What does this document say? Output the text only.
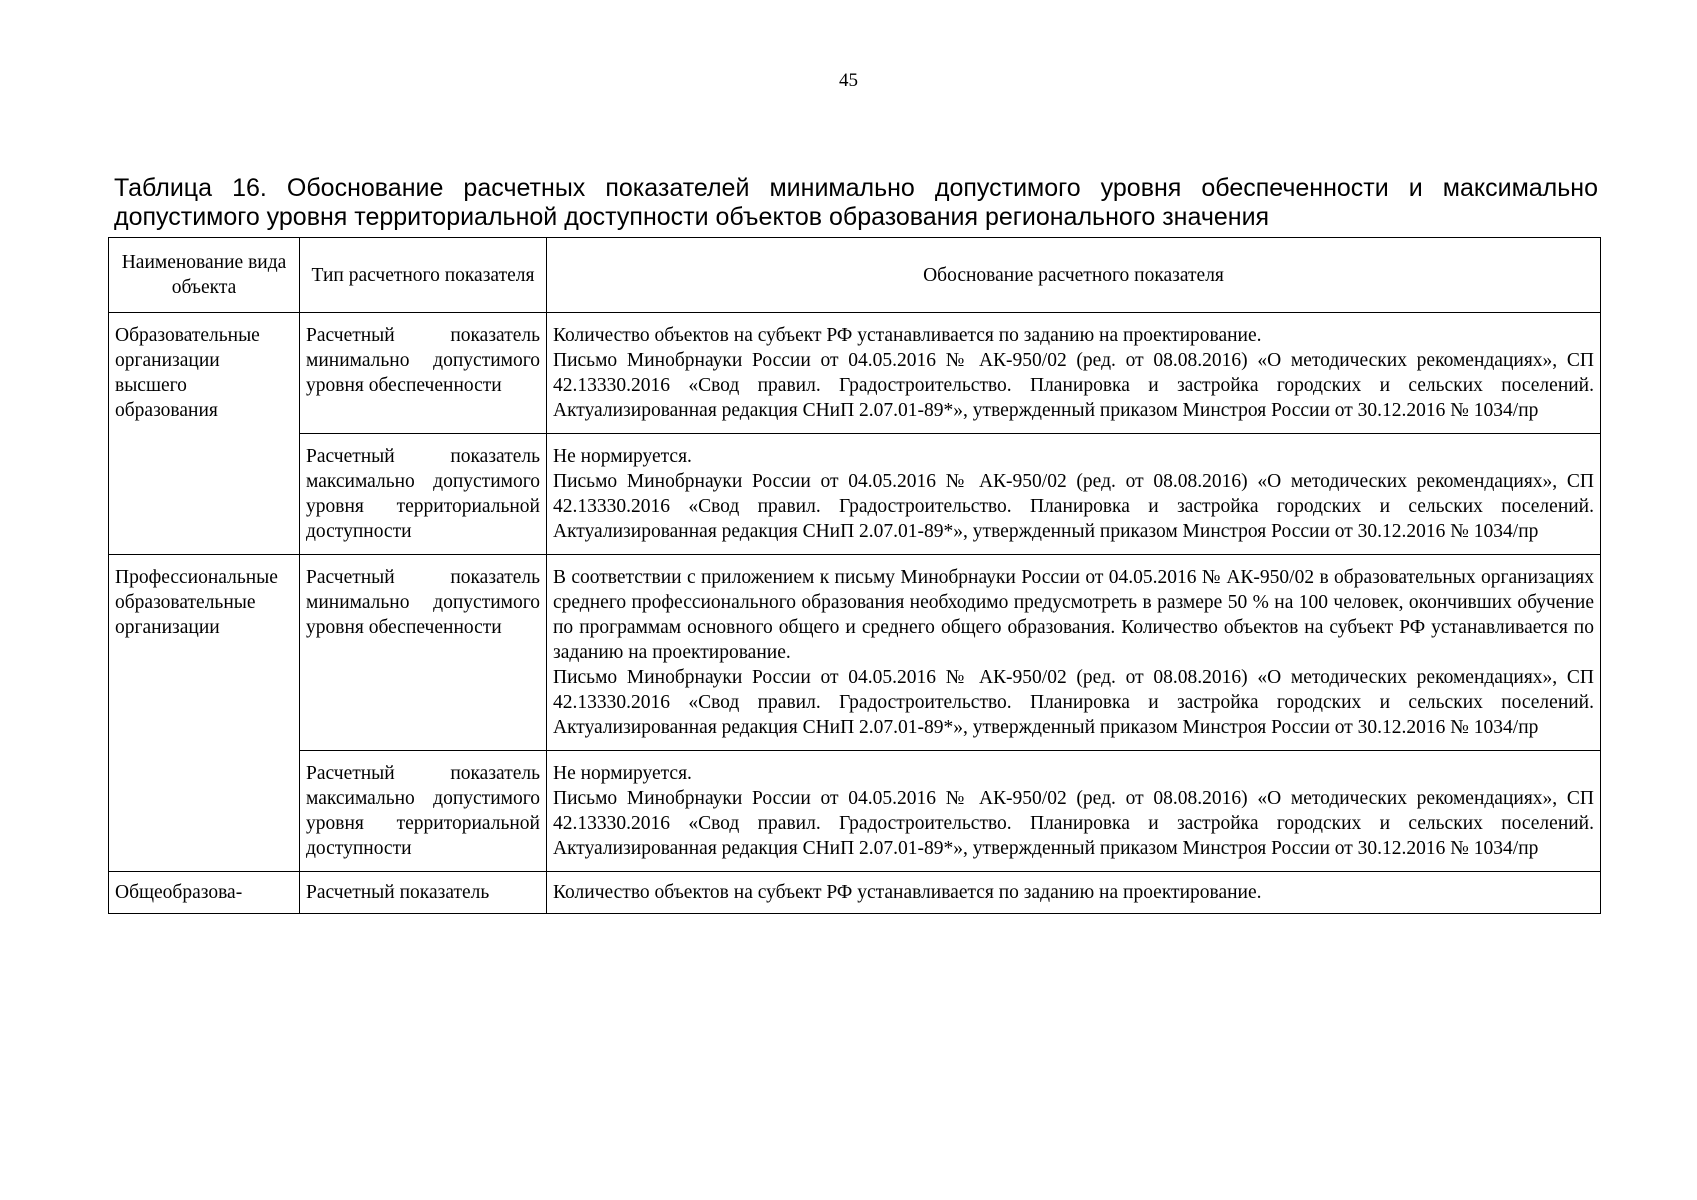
45
Таблица 16. Обоснование расчетных показателей минимально допустимого уровня обеспеченности и максимально допустимого уровня территориальной доступности объектов образования регионального значения
Наименование вида объекта	Тип расчетного показателя	Обоснование расчетного показателя
Образовательные организации высшего образования	Расчетный показатель минимально допустимого уровня обеспеченности	Количество объектов на субъект РФ устанавливается по заданию на проектирование.

Письмо Минобрнауки России от 04.05.2016 № АК-950/02 (ред. от 08.08.2016) «О методических рекомендациях», СП 42.13330.2016 «Свод правил. Градостроительство. Планировка и застройка городских и сельских поселений. Актуализированная редакция СНиП 2.07.01-89*», утвержденный приказом Минстроя России от 30.12.2016 № 1034/пр

	Расчетный показатель максимально допустимого уровня территориальной доступности	Не нормируется.

Письмо Минобрнауки России от 04.05.2016 № АК-950/02 (ред. от 08.08.2016) «О методических рекомендациях», СП 42.13330.2016 «Свод правил. Градостроительство. Планировка и застройка городских и сельских поселений. Актуализированная редакция СНиП 2.07.01-89*», утвержденный приказом Минстроя России от 30.12.2016 № 1034/пр

Профессиональные образовательные организации	Расчетный показатель минимально допустимого уровня обеспеченности	В соответствии с приложением к письму Минобрнауки России от 04.05.2016 № АК-950/02 в образовательных организациях среднего профессионального образования необходимо предусмотреть в размере 50 % на 100 человек, окончивших обучение по программам основного общего и среднего общего образования. Количество объектов на субъект РФ устанавливается по заданию на проектирование.

Письмо Минобрнауки России от 04.05.2016 № АК-950/02 (ред. от 08.08.2016) «О методических рекомендациях», СП 42.13330.2016 «Свод правил. Градостроительство. Планировка и застройка городских и сельских поселений. Актуализированная редакция СНиП 2.07.01-89*», утвержденный приказом Минстроя России от 30.12.2016 № 1034/пр

	Расчетный показатель максимально допустимого уровня территориальной доступности	Не нормируется.

Письмо Минобрнауки России от 04.05.2016 № АК-950/02 (ред. от 08.08.2016) «О методических рекомендациях», СП 42.13330.2016 «Свод правил. Градостроительство. Планировка и застройка городских и сельских поселений. Актуализированная редакция СНиП 2.07.01-89*», утвержденный приказом Минстроя России от 30.12.2016 № 1034/пр

Общеобразова-	Расчетный показатель	Количество объектов на субъект РФ устанавливается по заданию на проектирование.
